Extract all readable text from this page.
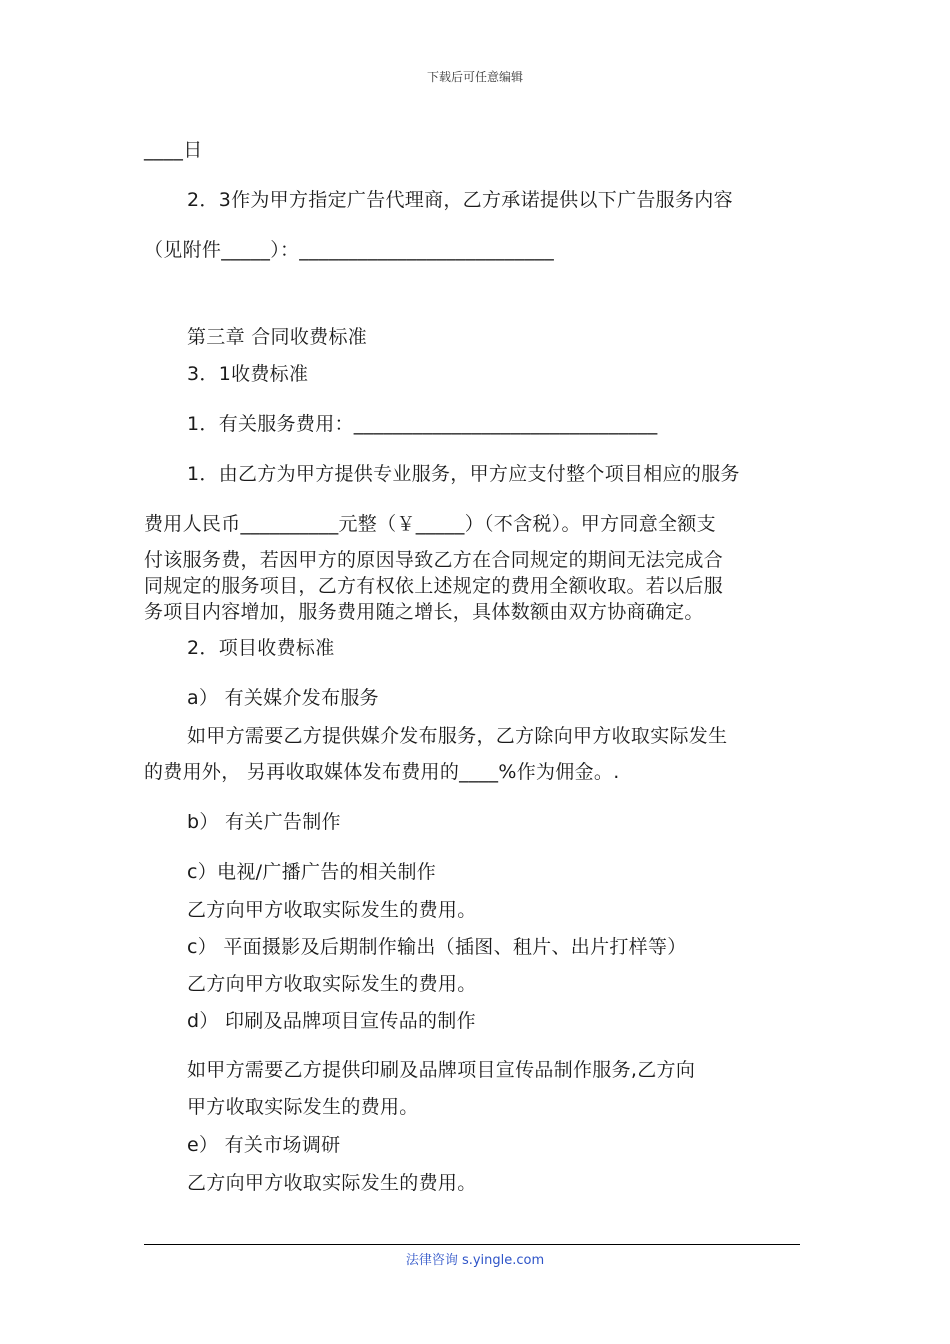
下载后可任意编辑
____日
2．3作为甲方指定广告代理商，乙方承诺提供以下广告服务内容
（见附件_____）：__________________________
第三章 合同收费标准
3．1收费标准
1．有关服务费用：_______________________________
1．由乙方为甲方提供专业服务，甲方应支付整个项目相应的服务
费用人民币__________元整（￥_____）（不含税）。甲方同意全额支
付该服务费，若因甲方的原因导致乙方在合同规定的期间无法完成合
同规定的服务项目，乙方有权依上述规定的费用全额收取。若以后服
务项目内容增加，服务费用随之增长，具体数额由双方协商确定。
2．项目收费标准
a） 有关媒介发布服务
如甲方需要乙方提供媒介发布服务，乙方除向甲方收取实际发生
的费用外， 另再收取媒体发布费用的____%作为佣金。.
b） 有关广告制作
c）电视/广播广告的相关制作
乙方向甲方收取实际发生的费用。
c） 平面摄影及后期制作输出（插图、租片、出片打样等）
乙方向甲方收取实际发生的费用。
d） 印刷及品牌项目宣传品的制作
如甲方需要乙方提供印刷及品牌项目宣传品制作服务,乙方向
甲方收取实际发生的费用。
e） 有关市场调研
乙方向甲方收取实际发生的费用。
法律咨询 s.yingle.com
